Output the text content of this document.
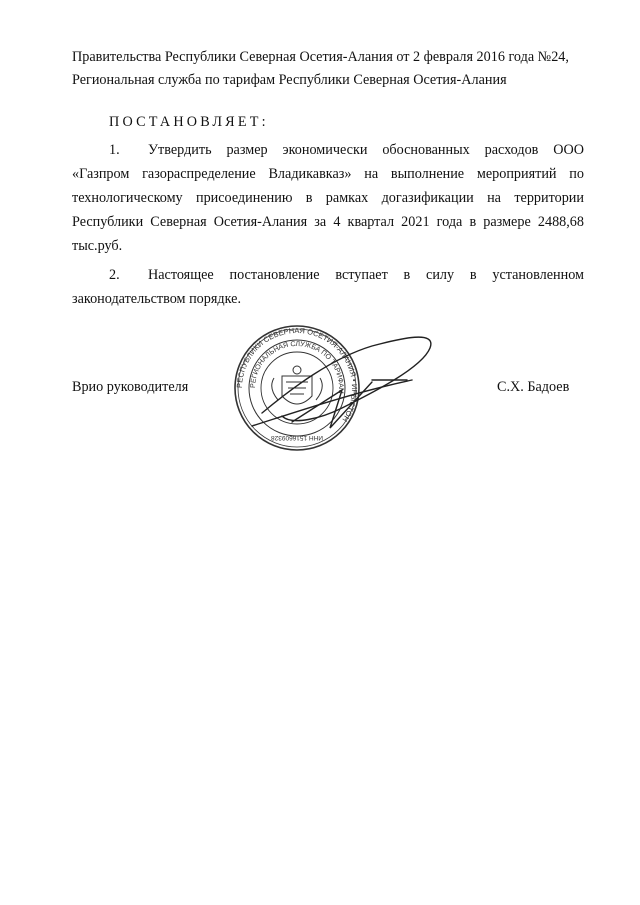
Правительства Республики Северная Осетия-Алания от 2 февраля 2016 года №24,
Региональная служба по тарифам Республики Северная Осетия-Алания
ПОСТАНОВЛЯЕТ:
1. Утвердить размер экономически обоснованных расходов ООО
«Газпром газораспределение Владикавказ» на выполнение мероприятий по
технологическому присоединению в рамках догазификации на территории
Республики Северная Осетия-Алания за 4 квартал 2021 года в размере 2488,68
тыс.руб.
2. Настоящее постановление вступает в силу в установленном
законодательством порядке.
Врио руководителя	С.Х. Бадоев
РЕСПУБЛИКИ СЕВЕРНАЯ ОСЕТИЯ-АЛАНИЯ • ИРЫСТОН
РЕГИОНАЛЬНАЯ СЛУЖБА ПО ТАРИФАМ
ИНН 1516609328
